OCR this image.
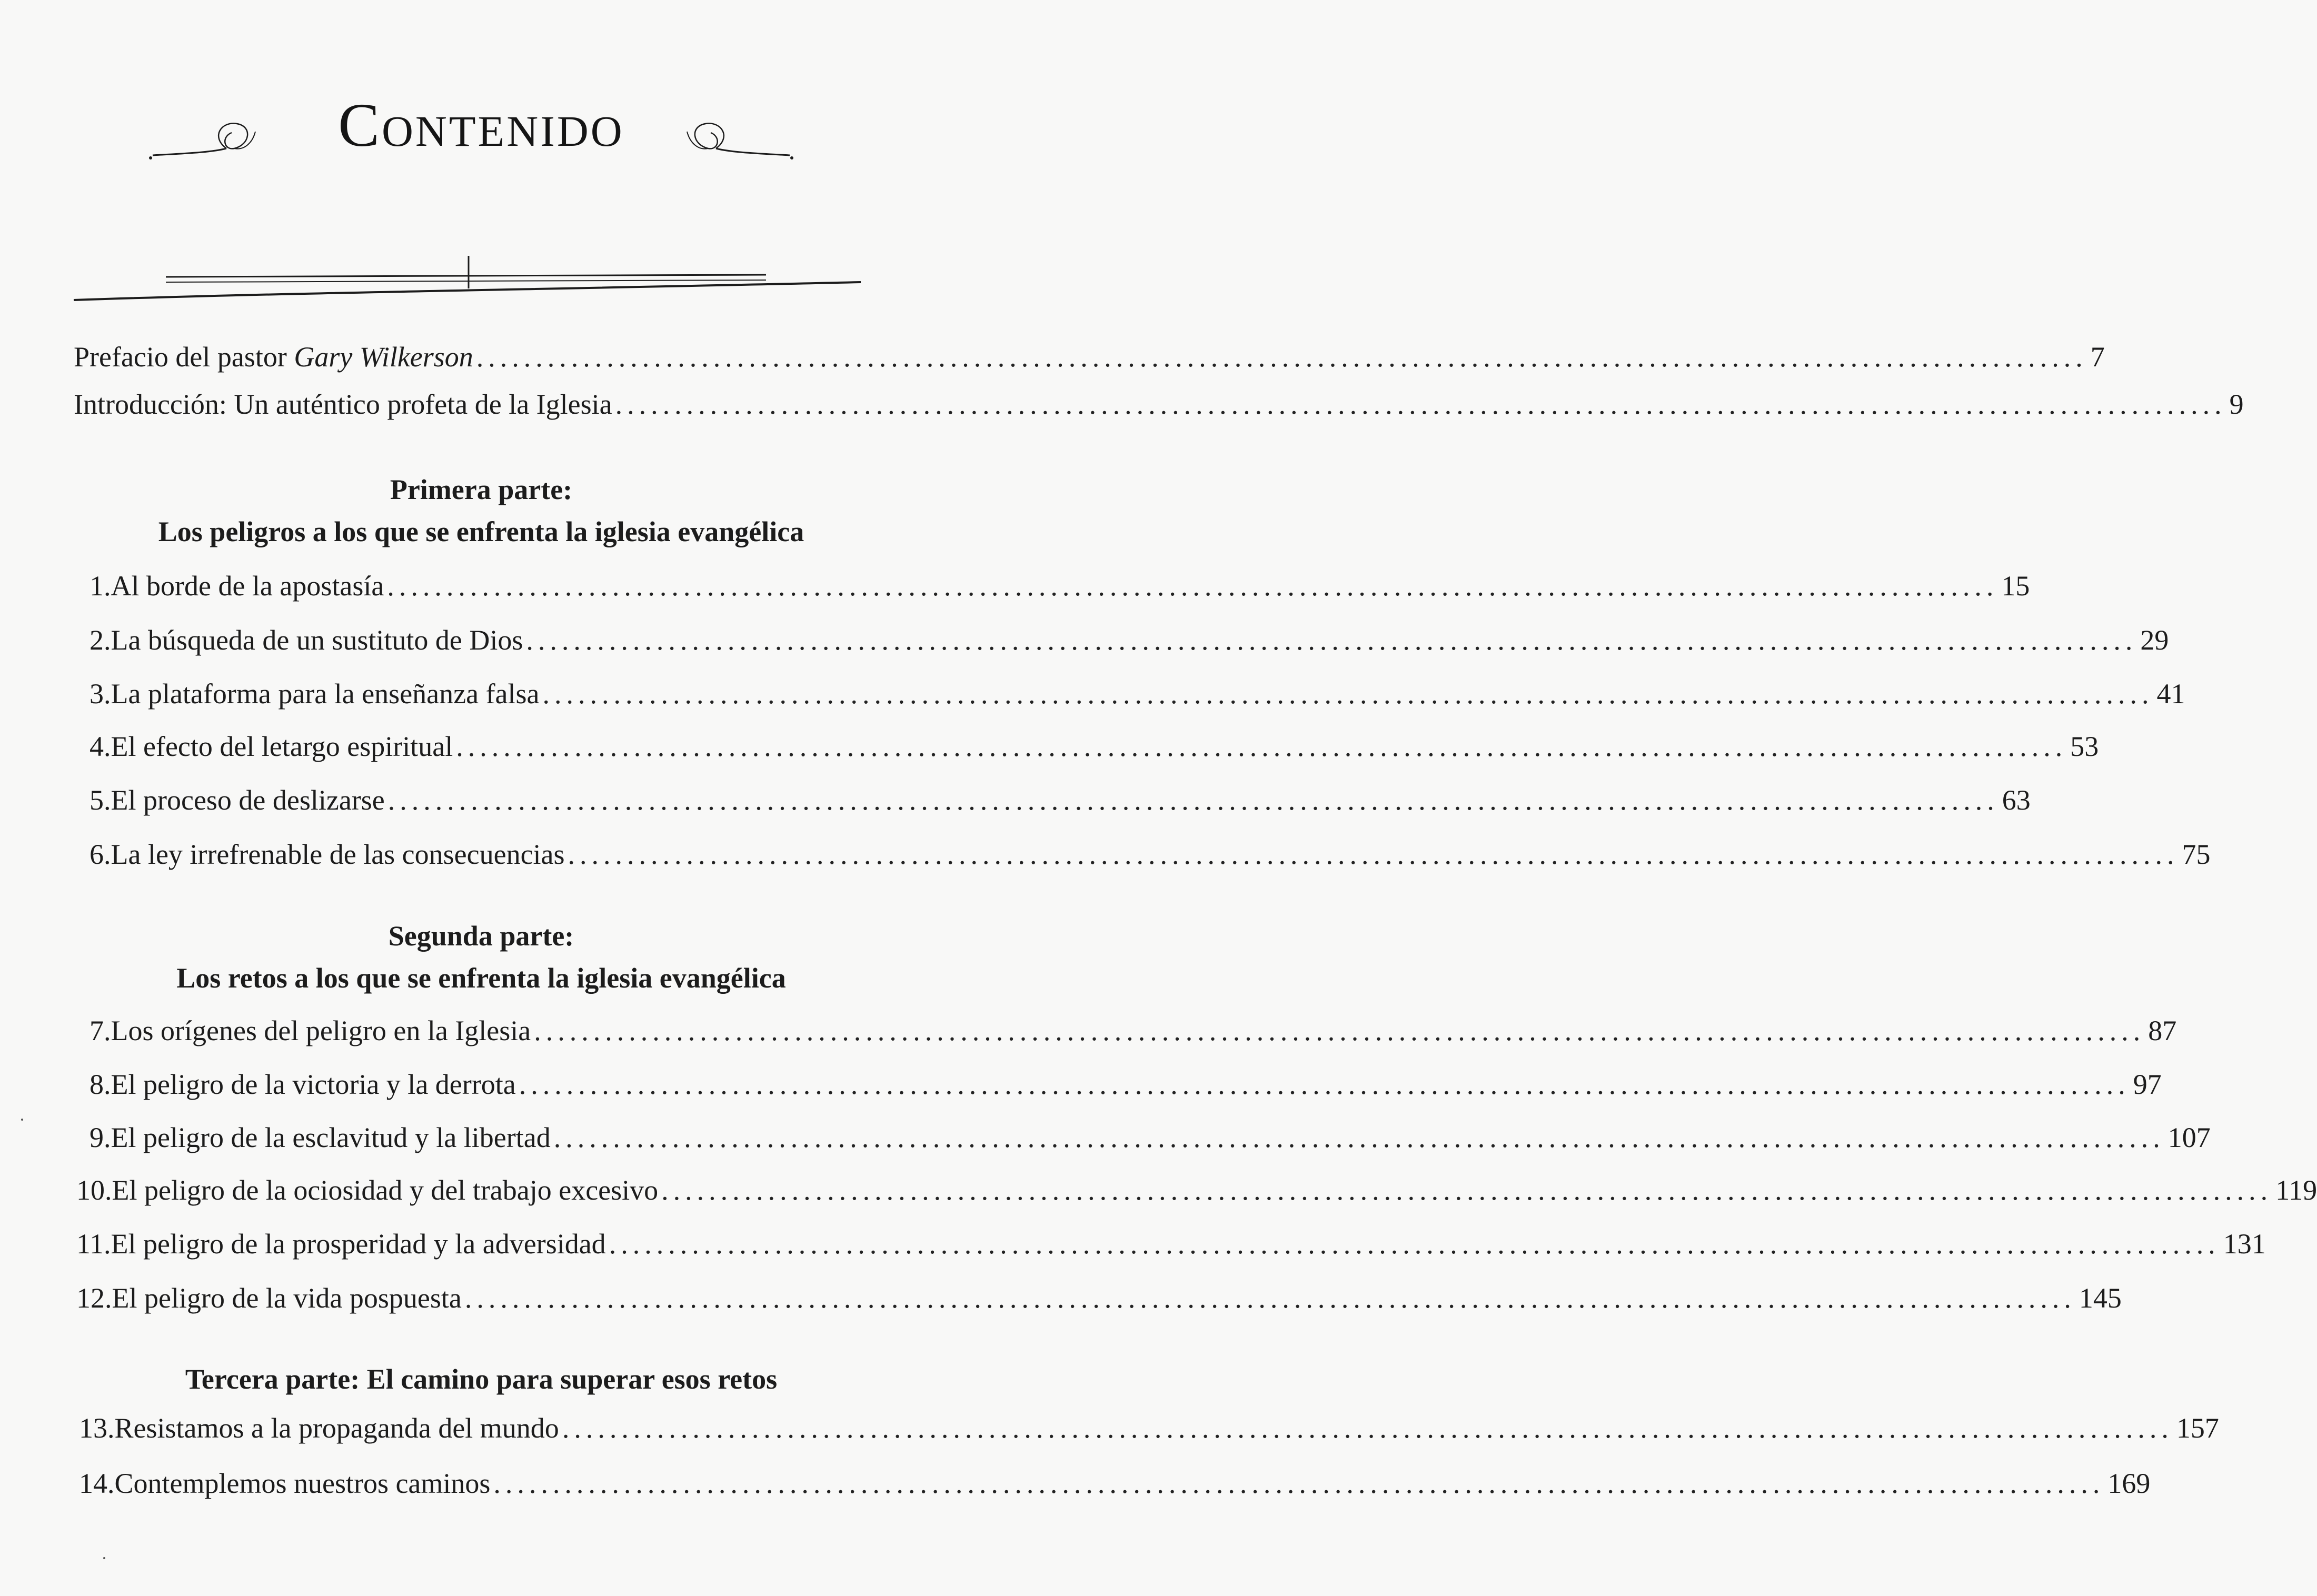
Contenido
Prefacio del pastor Gary Wilkerson ........................................................................................................................................ 7
Introducción: Un auténtico profeta de la Iglesia ........................................................................................................................................ 9
Primera parte:
Los peligros a los que se enfrenta la iglesia evangélica
1. Al borde de la apostasía ........................................................................................................................................ 15
2. La búsqueda de un sustituto de Dios ........................................................................................................................................ 29
3. La plataforma para la enseñanza falsa ........................................................................................................................................ 41
4. El efecto del letargo espiritual ........................................................................................................................................ 53
5. El proceso de deslizarse ........................................................................................................................................ 63
6. La ley irrefrenable de las consecuencias ........................................................................................................................................ 75
Segunda parte:
Los retos a los que se enfrenta la iglesia evangélica
7. Los orígenes del peligro en la Iglesia ........................................................................................................................................ 87
8. El peligro de la victoria y la derrota ........................................................................................................................................ 97
9. El peligro de la esclavitud y la libertad ........................................................................................................................................ 107
10. El peligro de la ociosidad y del trabajo excesivo ........................................................................................................................................ 119
11. El peligro de la prosperidad y la adversidad ........................................................................................................................................ 131
12. El peligro de la vida pospuesta ........................................................................................................................................ 145
Tercera parte: El camino para superar esos retos
13. Resistamos a la propaganda del mundo ........................................................................................................................................ 157
14. Contemplemos nuestros caminos ........................................................................................................................................ 169
